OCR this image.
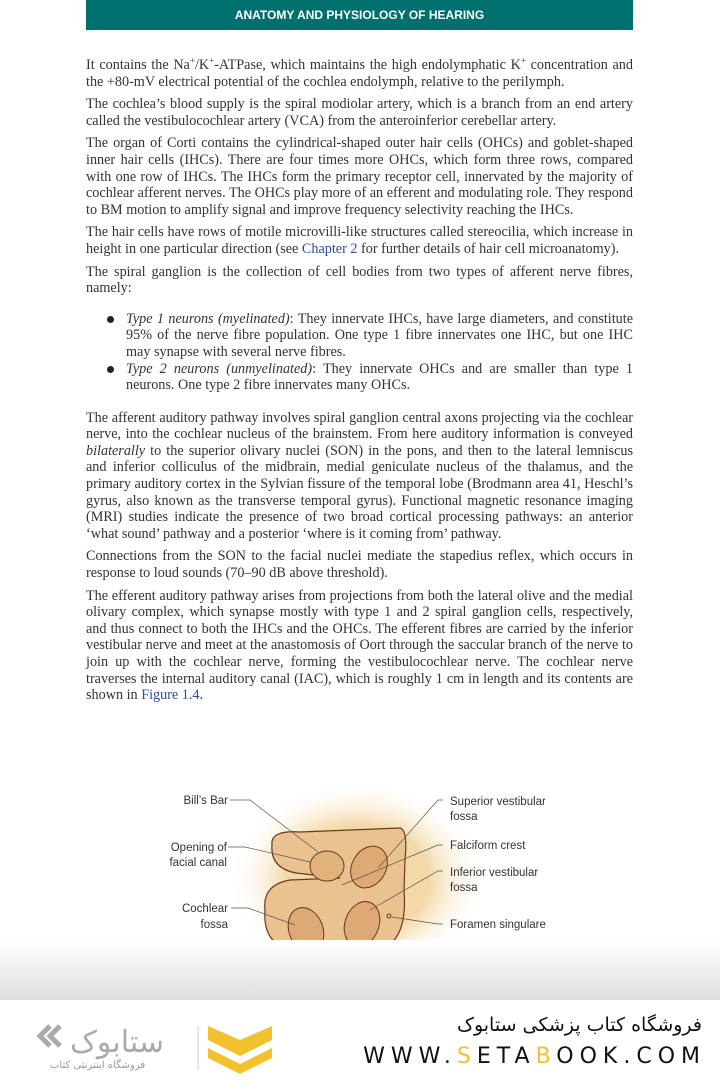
ANATOMY AND PHYSIOLOGY OF HEARING

It contains the Na+/K+-ATPase, which maintains the high endolymphatic K+ concentration and the +80-mV electrical potential of the cochlea endolymph, relative to the perilymph.

The cochlea’s blood supply is the spiral modiolar artery, which is a branch from an end artery called the vestibulocochlear artery (VCA) from the anteroinferior cerebellar artery.

The organ of Corti contains the cylindrical-shaped outer hair cells (OHCs) and goblet-shaped inner hair cells (IHCs). There are four times more OHCs, which form three rows, compared with one row of IHCs. The IHCs form the primary receptor cell, innervated by the majority of cochlear afferent nerves. The OHCs play more of an efferent and modulating role. They respond to BM motion to amplify signal and improve frequency selectivity reaching the IHCs.

The hair cells have rows of motile microvilli-like structures called stereocilia, which increase in height in one particular direction (see Chapter 2 for further details of hair cell microanatomy).

The spiral ganglion is the collection of cell bodies from two types of afferent nerve fibres, namely:

Type 1 neurons (myelinated): They innervate IHCs, have large diameters, and constitute 95% of the nerve fibre population. One type 1 fibre innervates one IHC, but one IHC may synapse with several nerve fibres.
Type 2 neurons (unmyelinated): They innervate OHCs and are smaller than type 1 neurons. One type 2 fibre innervates many OHCs.

The afferent auditory pathway involves spiral ganglion central axons projecting via the cochlear nerve, into the cochlear nucleus of the brainstem. From here auditory information is conveyed bilaterally to the superior olivary nuclei (SON) in the pons, and then to the lateral lemniscus and inferior colliculus of the midbrain, medial geniculate nucleus of the thalamus, and the primary auditory cortex in the Sylvian fissure of the temporal lobe (Brodmann area 41, Heschl’s gyrus, also known as the transverse temporal gyrus). Functional magnetic resonance imaging (MRI) studies indicate the presence of two broad cortical processing pathways: an anterior ‘what sound’ pathway and a posterior ‘where is it coming from’ pathway.

Connections from the SON to the facial nuclei mediate the stapedius reflex, which occurs in response to loud sounds (70–90 dB above threshold).

The efferent auditory pathway arises from projections from both the lateral olive and the medial olivary complex, which synapse mostly with type 1 and 2 spiral ganglion cells, respectively, and thus connect to both the IHCs and the OHCs. The efferent fibres are carried by the inferior vestibular nerve and meet at the anastomosis of Oort through the saccular branch of the nerve to join up with the cochlear nerve, forming the vestibulocochlear nerve. The cochlear nerve traverses the internal auditory canal (IAC), which is roughly 1 cm in length and its contents are shown in Figure 1.4.

Bill’s Bar
Opening of
facial canal
Cochlear
fossa
Superior vestibular
fossa
Falciform crest
Inferior vestibular
fossa
Foramen singulare
ستابوک
فروشگاه اینترنتی کتاب
فروشگاه کتاب پزشکی ستابوک
WWW.SETABOOK.COM
